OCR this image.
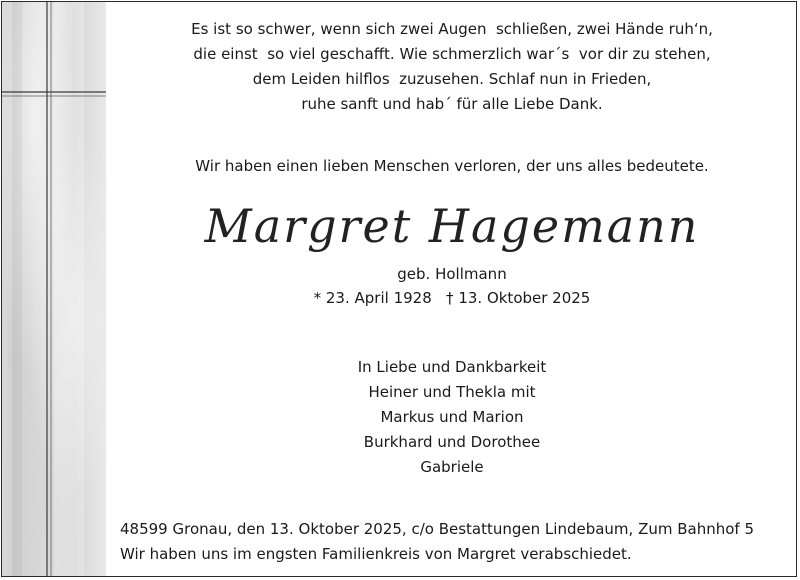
Es ist so schwer, wenn sich zwei Augen  schließen, zwei Hände ruh‘n,
die einst  so viel geschafft. Wie schmerzlich war´s  vor dir zu stehen,
dem Leiden hilflos  zuzusehen. Schlaf nun in Frieden,
ruhe sanft und hab´ für alle Liebe Dank.
Wir haben einen lieben Menschen verloren, der uns alles bedeutete.
Margret Hagemann
geb. Hollmann
* 23. April 1928   † 13. Oktober 2025
In Liebe und Dankbarkeit
Heiner und Thekla mit
Markus und Marion
Burkhard und Dorothee
Gabriele
48599 Gronau, den 13. Oktober 2025, c/o Bestattungen Lindebaum, Zum Bahnhof 5
Wir haben uns im engsten Familienkreis von Margret verabschiedet.
